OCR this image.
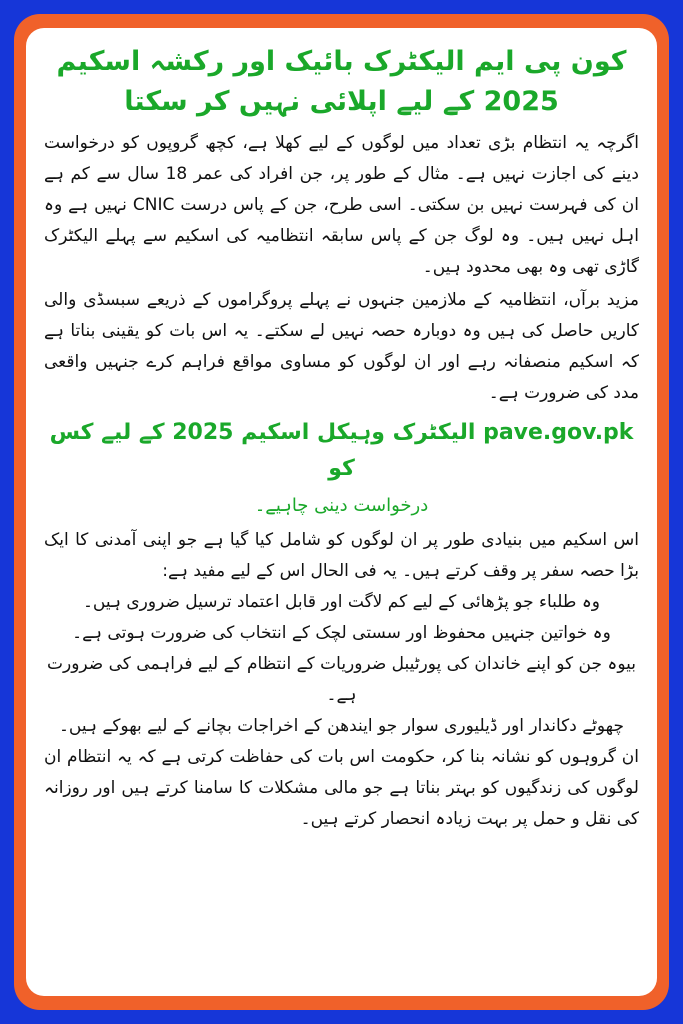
کون پی ایم الیکٹرک بائیک اور رکشہ اسکیم 2025 کے لیے اپلائی نہیں کر سکتا

اگرچہ یہ انتظام بڑی تعداد میں لوگوں کے لیے کھلا ہے، کچھ گروپوں کو درخواست دینے کی اجازت نہیں ہے۔ مثال کے طور پر، جن افراد کی عمر 18 سال سے کم ہے ان کی فہرست نہیں بن سکتی۔ اسی طرح، جن کے پاس درست CNIC نہیں ہے وہ اہل نہیں ہیں۔ وہ لوگ جن کے پاس سابقہ انتظامیہ کی اسکیم سے پہلے الیکٹرک گاڑی تھی وہ بھی محدود ہیں۔

مزید برآں، انتظامیہ کے ملازمین جنہوں نے پہلے پروگراموں کے ذریعے سبسڈی والی کاریں حاصل کی ہیں وہ دوبارہ حصہ نہیں لے سکتے۔ یہ اس بات کو یقینی بناتا ہے کہ اسکیم منصفانہ رہے اور ان لوگوں کو مساوی مواقع فراہم کرے جنہیں واقعی مدد کی ضرورت ہے۔

pave.gov.pk الیکٹرک وہیکل اسکیم 2025 کے لیے کس کو
درخواست دینی چاہیے۔

اس اسکیم میں بنیادی طور پر ان لوگوں کو شامل کیا گیا ہے جو اپنی آمدنی کا ایک بڑا حصہ سفر پر وقف کرتے ہیں۔ یہ فی الحال اس کے لیے مفید ہے:

وہ طلباء جو پڑھائی کے لیے کم لاگت اور قابل اعتماد ترسیل ضروری ہیں۔
وہ خواتین جنہیں محفوظ اور سستی لچک کے انتخاب کی ضرورت ہوتی ہے۔
بیوہ جن کو اپنے خاندان کی پورٹیبل ضروریات کے انتظام کے لیے فراہمی کی ضرورت ہے۔
چھوٹے دکاندار اور ڈیلیوری سوار جو ایندھن کے اخراجات بچانے کے لیے بھوکے ہیں۔

ان گروہوں کو نشانہ بنا کر، حکومت اس بات کی حفاظت کرتی ہے کہ یہ انتظام ان لوگوں کی زندگیوں کو بہتر بناتا ہے جو مالی مشکلات کا سامنا کرتے ہیں اور روزانہ کی نقل و حمل پر بہت زیادہ انحصار کرتے ہیں۔
